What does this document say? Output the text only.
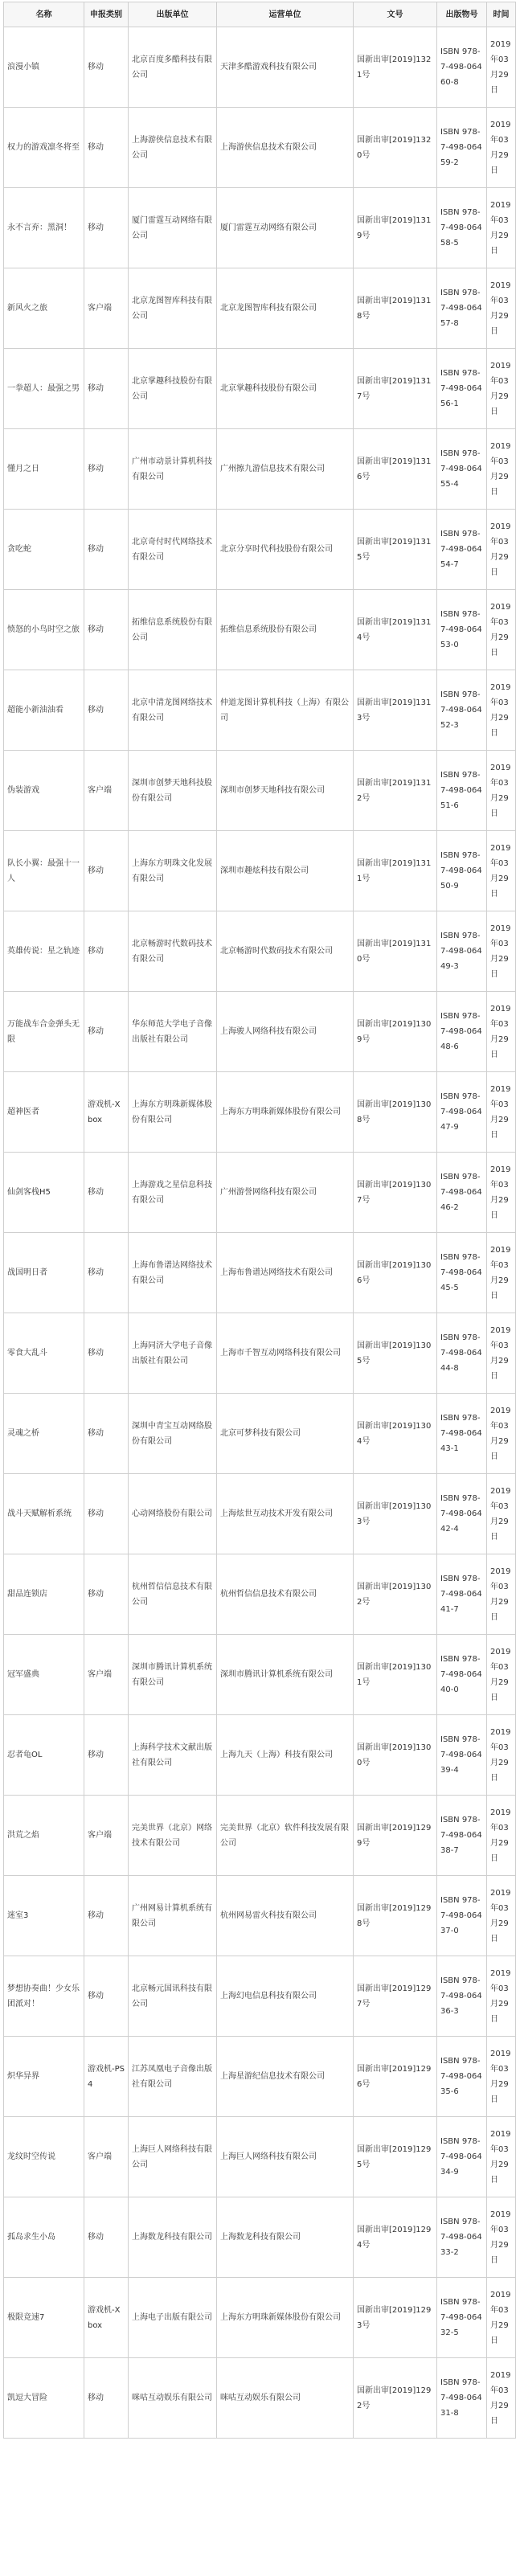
名称	申报类别	出版单位	运营单位	文号	出版物号	时间
浪漫小镇	移动	北京百度多酷科技有限公司	天津多酷游戏科技有限公司	国新出审[2019]1321号	ISBN 978-7-498-06460-8	2019年03月29日
权力的游戏凛冬将至	移动	上海游侠信息技术有限公司	上海游侠信息技术有限公司	国新出审[2019]1320号	ISBN 978-7-498-06459-2	2019年03月29日
永不言弃：黑洞！	移动	厦门雷霆互动网络有限公司	厦门雷霆互动网络有限公司	国新出审[2019]1319号	ISBN 978-7-498-06458-5	2019年03月29日
新风火之旅	客户端	北京龙图智库科技有限公司	北京龙图智库科技有限公司	国新出审[2019]1318号	ISBN 978-7-498-06457-8	2019年03月29日
一拳超人：最强之男	移动	北京掌趣科技股份有限公司	北京掌趣科技股份有限公司	国新出审[2019]1317号	ISBN 978-7-498-06456-1	2019年03月29日
懂月之日	移动	广州市动景计算机科技有限公司	广州擦九游信息技术有限公司	国新出审[2019]1316号	ISBN 978-7-498-06455-4	2019年03月29日
贪吃蛇	移动	北京奇付时代网络技术有限公司	北京分享时代科技股份有限公司	国新出审[2019]1315号	ISBN 978-7-498-06454-7	2019年03月29日
愤怒的小鸟时空之旅	移动	拓维信息系统股份有限公司	拓维信息系统股份有限公司	国新出审[2019]1314号	ISBN 978-7-498-06453-0	2019年03月29日
超能小新油油看	移动	北京中清龙图网络技术有限公司	仲道龙图计算机科技（上海）有限公司	国新出审[2019]1313号	ISBN 978-7-498-06452-3	2019年03月29日
伪装游戏	客户端	深圳市创梦天地科技股份有限公司	深圳市创梦天地科技有限公司	国新出审[2019]1312号	ISBN 978-7-498-06451-6	2019年03月29日
队长小翼：最强十一人	移动	上海东方明珠文化发展有限公司	深圳市趣炫科技有限公司	国新出审[2019]1311号	ISBN 978-7-498-06450-9	2019年03月29日
英雄传说：星之轨迹	移动	北京畅游时代数码技术有限公司	北京畅游时代数码技术有限公司	国新出审[2019]1310号	ISBN 978-7-498-06449-3	2019年03月29日
万能战车合金弹头无限	移动	华东师范大学电子音像出版社有限公司	上海骏人网络科技有限公司	国新出审[2019]1309号	ISBN 978-7-498-06448-6	2019年03月29日
超神医者	游戏机-Xbox	上海东方明珠新媒体股份有限公司	上海东方明珠新媒体股份有限公司	国新出审[2019]1308号	ISBN 978-7-498-06447-9	2019年03月29日
仙剑客栈H5	移动	上海游戏之星信息科技有限公司	广州游誉网络科技有限公司	国新出审[2019]1307号	ISBN 978-7-498-06446-2	2019年03月29日
战国明日者	移动	上海布鲁谱达网络技术有限公司	上海布鲁谱达网络技术有限公司	国新出审[2019]1306号	ISBN 978-7-498-06445-5	2019年03月29日
零食大乱斗	移动	上海同济大学电子音像出版社有限公司	上海市千智互动网络科技有限公司	国新出审[2019]1305号	ISBN 978-7-498-06444-8	2019年03月29日
灵魂之桥	移动	深圳中青宝互动网络股份有限公司	北京可梦科技有限公司	国新出审[2019]1304号	ISBN 978-7-498-06443-1	2019年03月29日
战斗天赋解析系统	移动	心动网络股份有限公司	上海炫世互动技术开发有限公司	国新出审[2019]1303号	ISBN 978-7-498-06442-4	2019年03月29日
甜品连锁店	移动	杭州哲信信息技术有限公司	杭州哲信信息技术有限公司	国新出审[2019]1302号	ISBN 978-7-498-06441-7	2019年03月29日
冠军盛典	客户端	深圳市腾讯计算机系统有限公司	深圳市腾讯计算机系统有限公司	国新出审[2019]1301号	ISBN 978-7-498-06440-0	2019年03月29日
忍者龟OL	移动	上海科学技术文献出版社有限公司	上海九天（上海）科技有限公司	国新出审[2019]1300号	ISBN 978-7-498-06439-4	2019年03月29日
洪荒之焰	客户端	完美世界（北京）网络技术有限公司	完美世界（北京）软件科技发展有限公司	国新出审[2019]1299号	ISBN 978-7-498-06438-7	2019年03月29日
迷室3	移动	广州网易计算机系统有限公司	杭州网易雷火科技有限公司	国新出审[2019]1298号	ISBN 978-7-498-06437-0	2019年03月29日
梦想协奏曲！少女乐团派对！	移动	北京畅元国讯科技有限公司	上海幻电信息科技有限公司	国新出审[2019]1297号	ISBN 978-7-498-06436-3	2019年03月29日
炽华异界	游戏机-PS4	江苏凤凰电子音像出版社有限公司	上海星游纪信息技术有限公司	国新出审[2019]1296号	ISBN 978-7-498-06435-6	2019年03月29日
龙纹时空传说	客户端	上海巨人网络科技有限公司	上海巨人网络科技有限公司	国新出审[2019]1295号	ISBN 978-7-498-06434-9	2019年03月29日
孤岛求生小岛	移动	上海数龙科技有限公司	上海数龙科技有限公司	国新出审[2019]1294号	ISBN 978-7-498-06433-2	2019年03月29日
极限竞速7	游戏机-Xbox	上海电子出版有限公司	上海东方明珠新媒体股份有限公司	国新出审[2019]1293号	ISBN 978-7-498-06432-5	2019年03月29日
凯逗大冒险	移动	咪咕互动娱乐有限公司	咪咕互动娱乐有限公司	国新出审[2019]1292号	ISBN 978-7-498-06431-8	2019年03月29日
